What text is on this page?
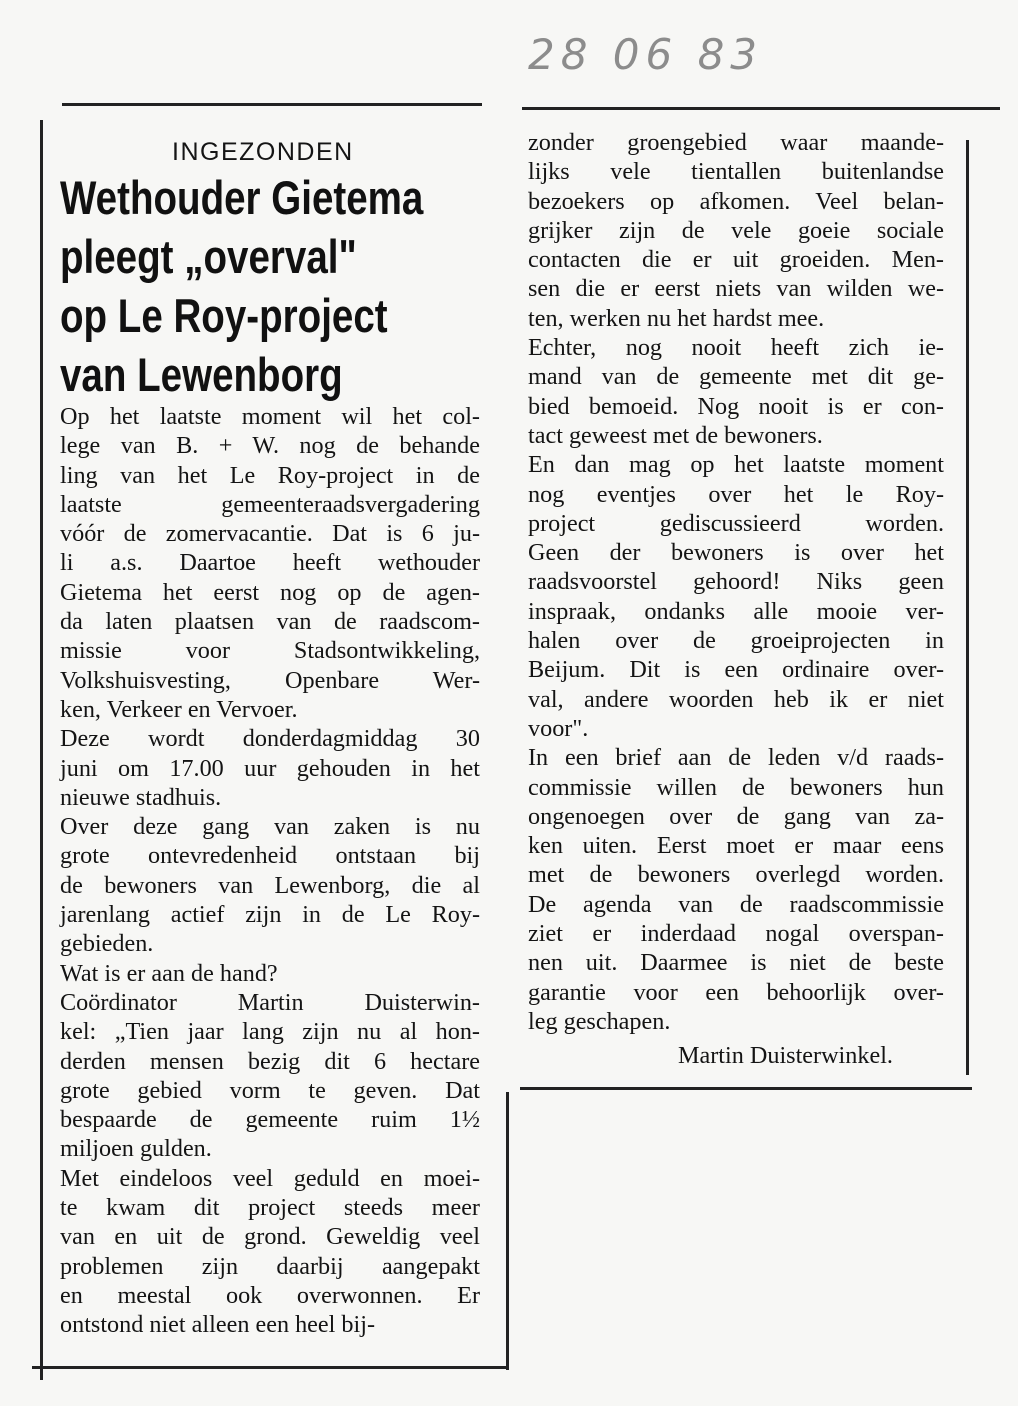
28 06 83
INGEZONDEN
Wethouder Gietema
pleegt „overval"
op Le Roy-project
van Lewenborg
Op het laatste moment wil het col-
lege van B. + W. nog de behande
ling van het Le Roy-project in de
laatste gemeenteraadsvergadering
vóór de zomervacantie. Dat is 6 ju-
li a.s. Daartoe heeft wethouder
Gietema het eerst nog op de agen-
da laten plaatsen van de raadscom-
missie voor Stadsontwikkeling,
Volkshuisvesting, Openbare Wer-
ken, Verkeer en Vervoer.
Deze wordt donderdagmiddag 30
juni om 17.00 uur gehouden in het
nieuwe stadhuis.
Over deze gang van zaken is nu
grote ontevredenheid ontstaan bij
de bewoners van Lewenborg, die al
jarenlang actief zijn in de Le Roy-
gebieden.
Wat is er aan de hand?
Coördinator Martin Duisterwin-
kel: „Tien jaar lang zijn nu al hon-
derden mensen bezig dit 6 hectare
grote gebied vorm te geven. Dat
bespaarde de gemeente ruim 1½
miljoen gulden.
Met eindeloos veel geduld en moei-
te kwam dit project steeds meer
van en uit de grond. Geweldig veel
problemen zijn daarbij aangepakt
en meestal ook overwonnen. Er
ontstond niet alleen een heel bij-
zonder groengebied waar maande-
lijks vele tientallen buitenlandse
bezoekers op afkomen. Veel belan-
grijker zijn de vele goeie sociale
contacten die er uit groeiden. Men-
sen die er eerst niets van wilden we-
ten, werken nu het hardst mee.
Echter, nog nooit heeft zich ie-
mand van de gemeente met dit ge-
bied bemoeid. Nog nooit is er con-
tact geweest met de bewoners.
En dan mag op het laatste moment
nog eventjes over het le Roy-
project gediscussieerd worden.
Geen der bewoners is over het
raadsvoorstel gehoord! Niks geen
inspraak, ondanks alle mooie ver-
halen over de groeiprojecten in
Beijum. Dit is een ordinaire over-
val, andere woorden heb ik er niet
voor".
In een brief aan de leden v/d raads-
commissie willen de bewoners hun
ongenoegen over de gang van za-
ken uiten. Eerst moet er maar eens
met de bewoners overlegd worden.
De agenda van de raadscommissie
ziet er inderdaad nogal overspan-
nen uit. Daarmee is niet de beste
garantie voor een behoorlijk over-
leg geschapen.
Martin Duisterwinkel.
